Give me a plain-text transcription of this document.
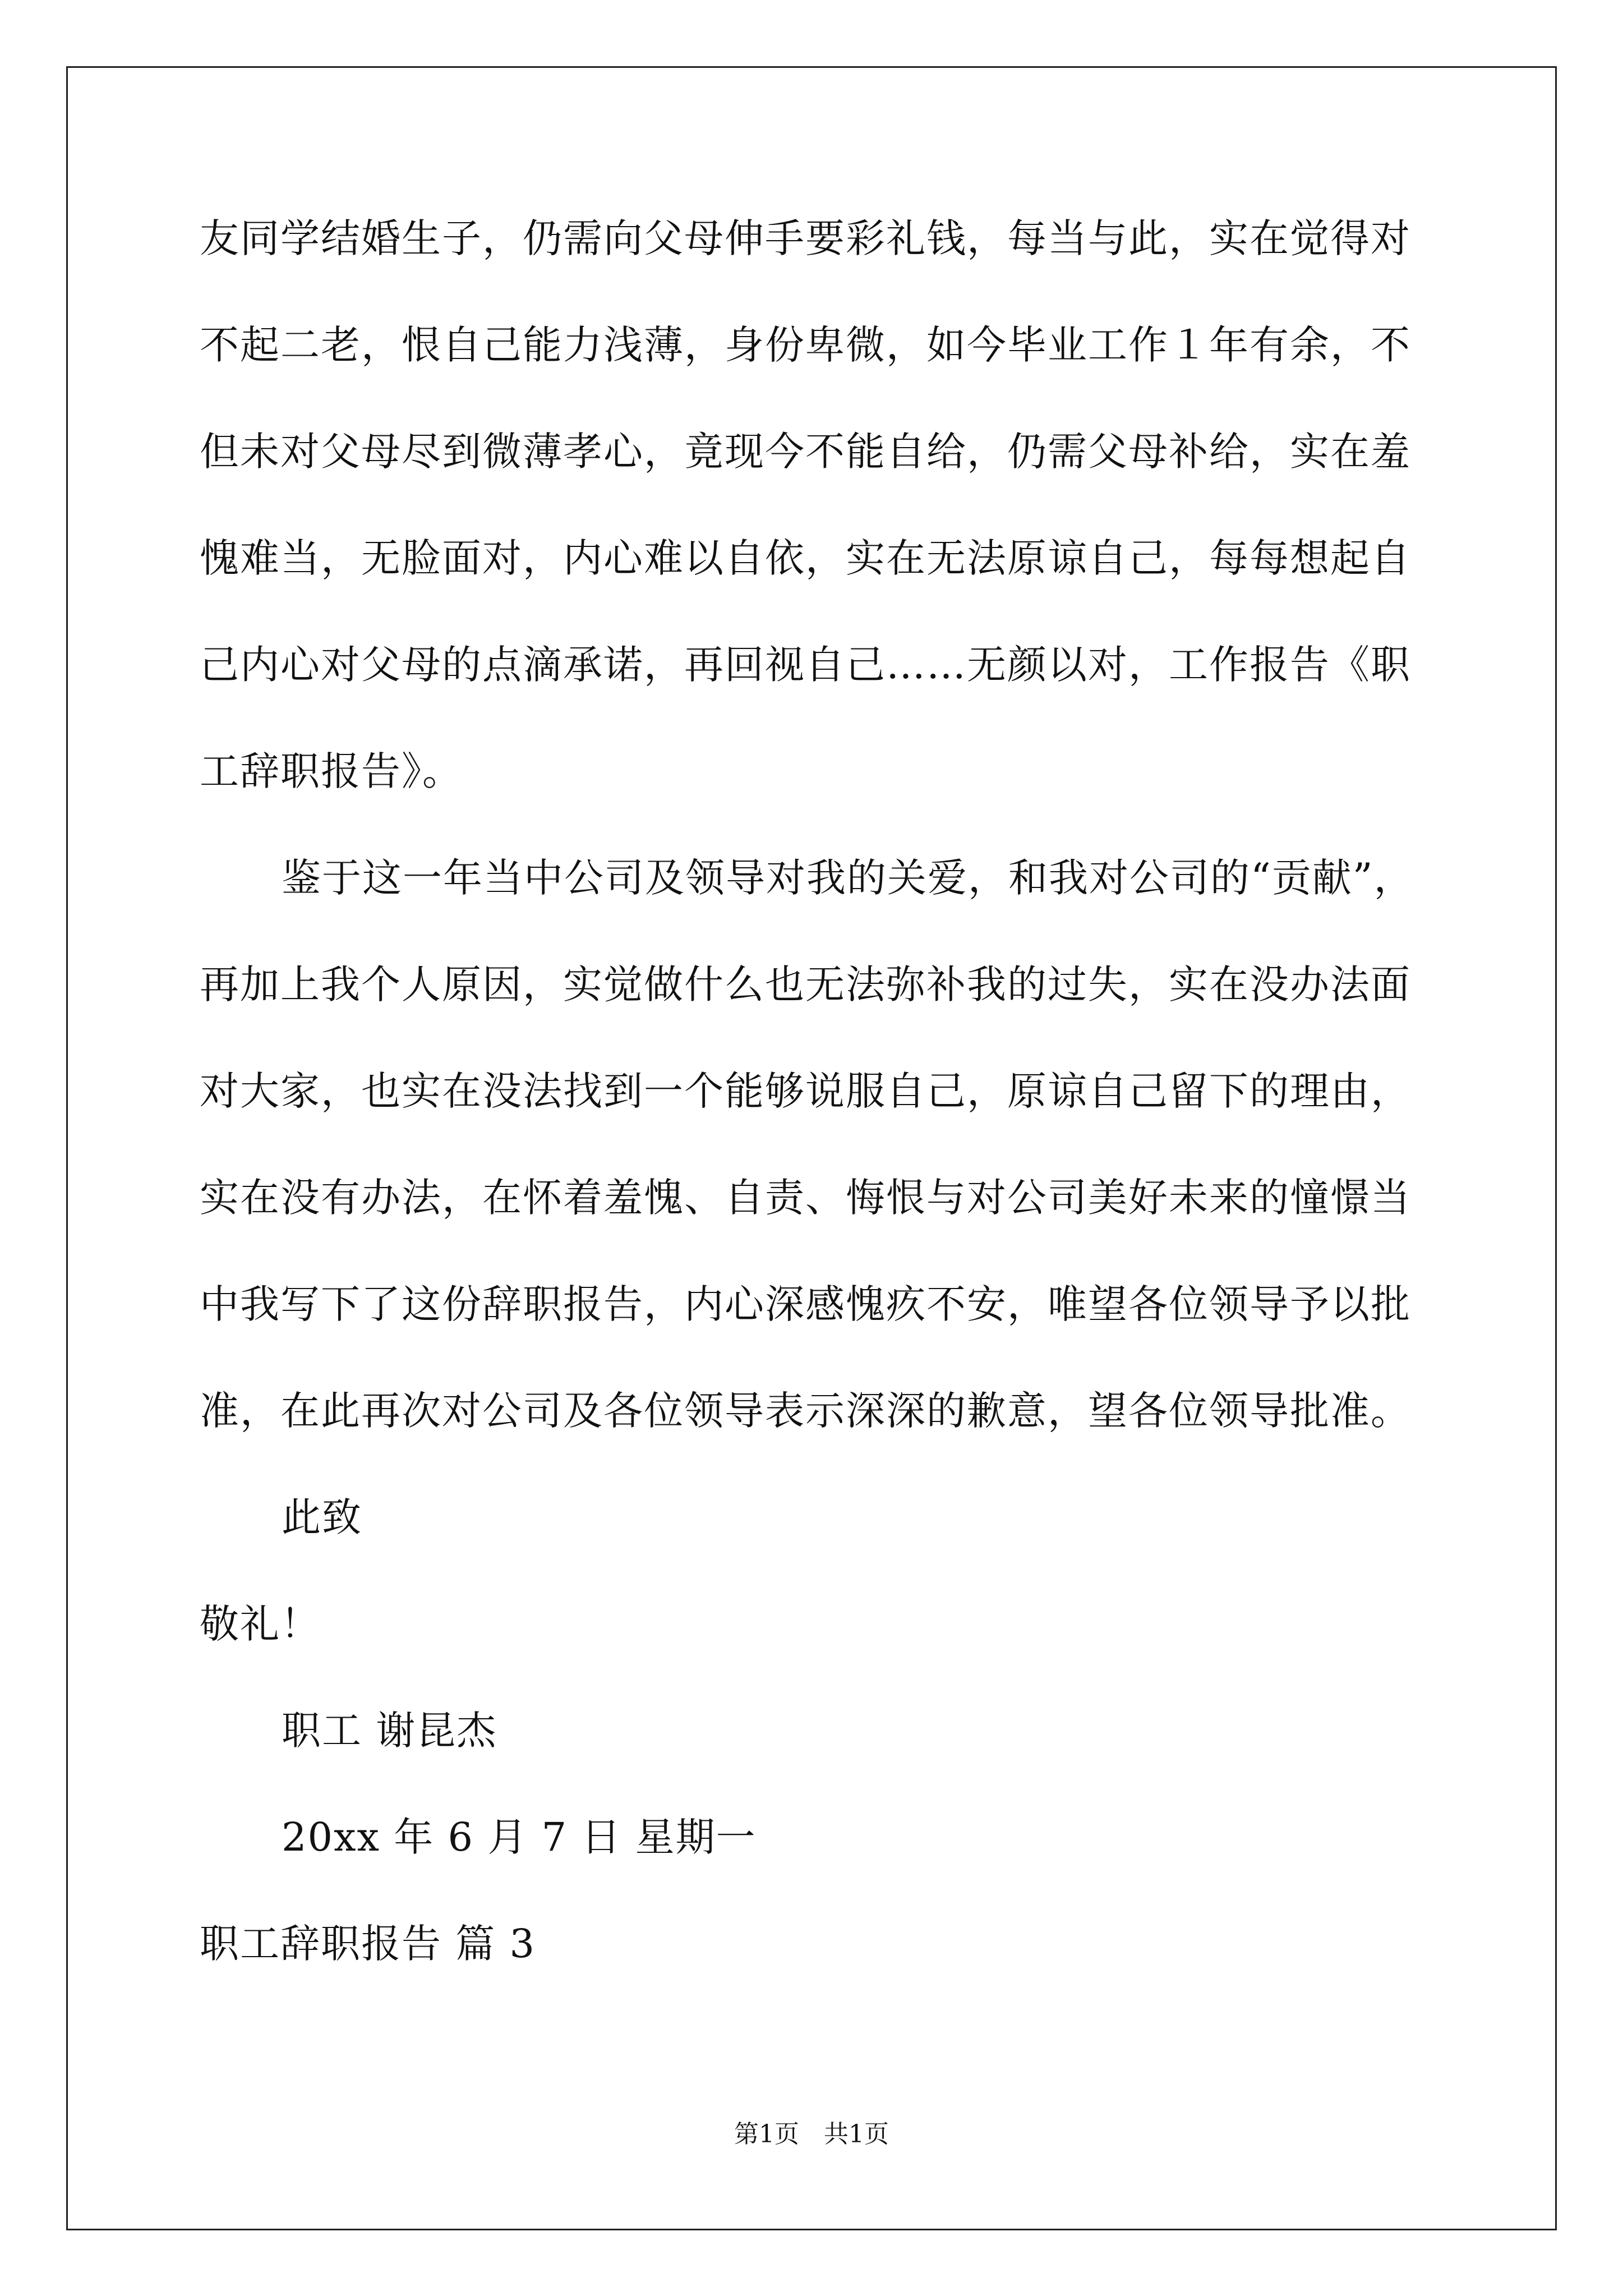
友同学结婚生子，仍需向父母伸手要彩礼钱，每当与此，实在觉得对
不起二老，恨自己能力浅薄，身份卑微，如今毕业工作１年有余，不
但未对父母尽到微薄孝心，竟现今不能自给，仍需父母补给，实在羞
愧难当，无脸面对，内心难以自依，实在无法原谅自己，每每想起自
己内心对父母的点滴承诺，再回视自己……无颜以对，工作报告《职
工辞职报告》。
鉴于这一年当中公司及领导对我的关爱，和我对公司的“贡献”，
再加上我个人原因，实觉做什么也无法弥补我的过失，实在没办法面
对大家，也实在没法找到一个能够说服自己，原谅自己留下的理由，
实在没有办法，在怀着羞愧、自责、悔恨与对公司美好未来的憧憬当
中我写下了这份辞职报告，内心深感愧疚不安，唯望各位领导予以批
准，在此再次对公司及各位领导表示深深的歉意，望各位领导批准。
此致
敬礼！
职工 谢昆杰
20xx 年 6 月 7 日 星期一
职工辞职报告 篇 3
第1页　共1页
